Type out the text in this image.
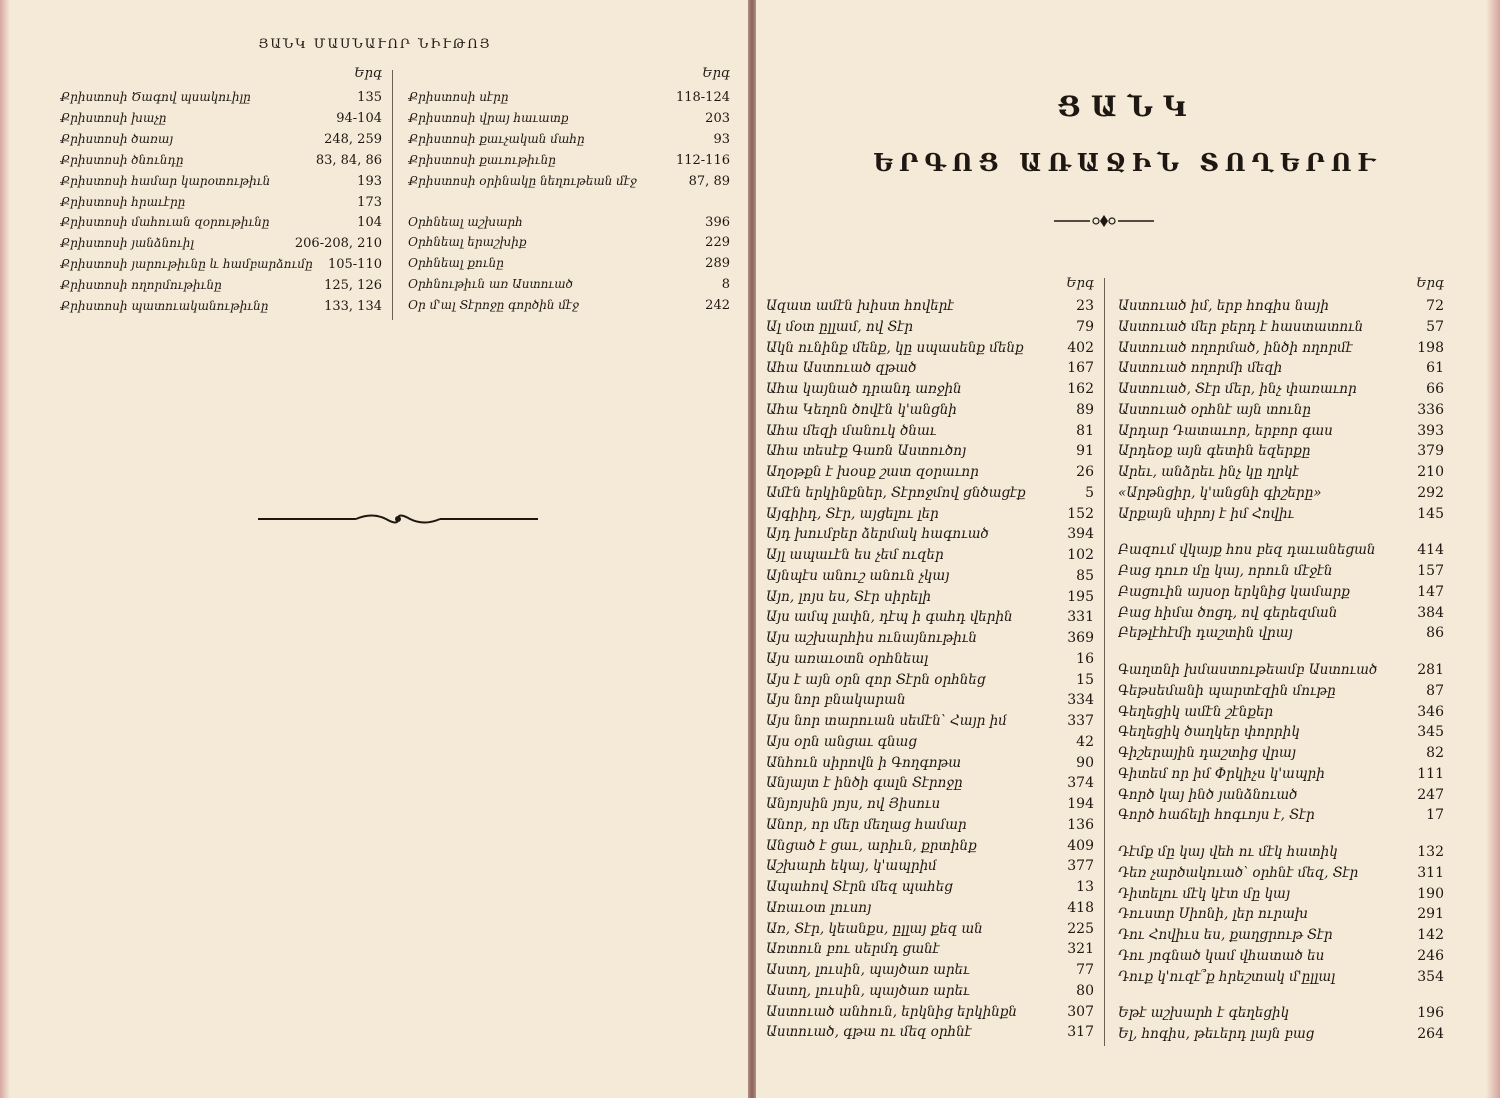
ՅԱՆԿ ՄԱՍՆԱՒՈՐ ՆԻՒԹՈՅ
Երգ
Քրիստոսի Ծագով պսակուիլը	135
Քրիստոսի խաչը	94-104
Քրիստոսի ծառայ	248, 259
Քրիստոսի ծնունդը	83, 84, 86
Քրիստոսի համար կարօտութիւն	193
Քրիստոսի հրաւէրը	173
Քրիստոսի մահուան զօրութիւնը	104
Քրիստոսի յանձնուիլ	206-208, 210
Քրիստոսի յարութիւնը և համբարձումը	105-110
Քրիստոսի ողորմութիւնը	125, 126
Քրիստոսի պատուականութիւնը	133, 134
Երգ
Քրիստոսի սէրը	118-124
Քրիստոսի վրայ հաւատք	203
Քրիստոսի քաւչական մահը	93
Քրիստոսի քաւութիւնը	112-116
Քրիստոսի օրինակը նեղութեան մէջ	87, 89
Օրհնեալ աշխարհ	396
Օրհնեալ երաշխիք	229
Օրհնեալ քունը	289
Օրհնութիւն առ Աստուած	8
Օր մ'ալ Տէրոջը գործին մէջ	242
ՑԱՆԿ
ԵՐԳՈՑ ԱՌԱՋԻՆ ՏՈՂԵՐՈՒ
Երգ
Ազատ ամէն խիստ հովերէ	23
Ալ մօտ ըլլամ, ով Տէր	79
Ակն ունինք մենք, կը սպասենք մենք	402
Ահա Աստուած զթած	167
Ահա կայնած դրանդ առջին	162
Ահա Կեղոն ծովէն կ'անցնի	89
Ահա մեզի մանուկ ծնաւ	81
Ահա տեսէք Գառն Աստուծոյ	91
Աղօթքն է խօսք շատ զօրաւոր	26
Ամէն երկինքներ, Տէրոջմով ցնծացէք	5
Այգիիդ, Տէր, այցելու լեր	152
Այդ խումբեր ձերմակ հագուած	394
Այլ ապաւէն ես չեմ ուզեր	102
Այնպէս անուշ անուն չկայ	85
Այո, լոյս ես, Տէր սիրելի	195
Այս ամպ լափն, դէպ ի գահդ վերին	331
Այս աշխարհիս ունայնութիւն	369
Այս առաւօտն օրհնեալ	16
Այս է այն օրն զոր Տէրն օրհնեց	15
Այս նոր բնակարան	334
Այս նոր տարուան սեմէն՝ Հայր իմ	337
Այս օրն անցաւ գնաց	42
Անհուն սիրովն ի Գողգոթա	90
Անյայտ է ինծի գալն Տէրոջը	374
Անյոյսին յոյս, ով Յիսուս	194
Անոր, որ մեր մեղաց համար	136
Անցած է ցաւ, արիւն, քրտինք	409
Աշխարհ եկայ, կ'ապրիմ	377
Ապահով Տէրն մեզ պահեց	13
Առաւօտ լուսոյ	418
Առ, Տէր, կեանքս, ըլլայ քեզ ան	225
Առտուն բու սերմդ ցանէ	321
Աստղ, լուսին, պայծառ արեւ	77
Աստղ, լուսին, պայծառ արեւ	80
Աստուած անհուն, երկնից երկինքն	307
Աստուած, գթա ու մեզ օրհնէ	317
Երգ
Աստուած իմ, երբ հոգիս նայի	72
Աստուած մեր բերդ է հաստատուն	57
Աստուած ողորմած, ինծի ողորմէ	198
Աստուած ողորմի մեզի	61
Աստուած, Տէր մեր, ինչ փառաւոր	66
Աստուած օրհնէ այն տունը	336
Արդար Դատաւոր, երբոր գաս	393
Արդեօք այն գետին եզերքը	379
Արեւ, անձրեւ ինչ կը ղրկէ	210
«Արթնցիր, կ'անցնի գիշերը»	292
Արքայն սիրոյ է իմ Հովիւ	145
Բազում վկայք հոս բեզ դաւանեցան	414
Բաց դուռ մը կայ, որուն մէջէն	157
Բացուին այսօր երկնից կամարք	147
Բաց հիմա ծոցդ, ով գերեզման	384
Բեթլէհէմի դաշտին վրայ	86
Գաղտնի խմաստութեամբ Աստուած	281
Գեթսեմանի պարտէզին մութը	87
Գեղեցիկ ամէն շէնքեր	346
Գեղեցիկ ծաղկեր փորրիկ	345
Գիշերային դաշտից վրայ	82
Գիտեմ որ իմ Փրկիչս կ'ապրի	111
Գործ կայ ինծ յանձնուած	247
Գործ հաճելի հոգւոյս է, Տէր	17
Դէմք մը կայ վեհ ու մէկ հատիկ	132
Դեռ չարծակուած՝ օրհնէ մեզ, Տէր	311
Դիտելու մէկ կէտ մը կայ	190
Դուստր Սիոնի, լեր ուրախ	291
Դու Հովիւս ես, քաղցրութ Տէր	142
Դու յոգնած կամ վհատած ես	246
Դուք կ'ուզէ՞ք հրեշտակ մ'ըլլալ	354
Եթէ աշխարհ է գեղեցիկ	196
Ել, հոգիս, թեւերդ լայն բաց	264
